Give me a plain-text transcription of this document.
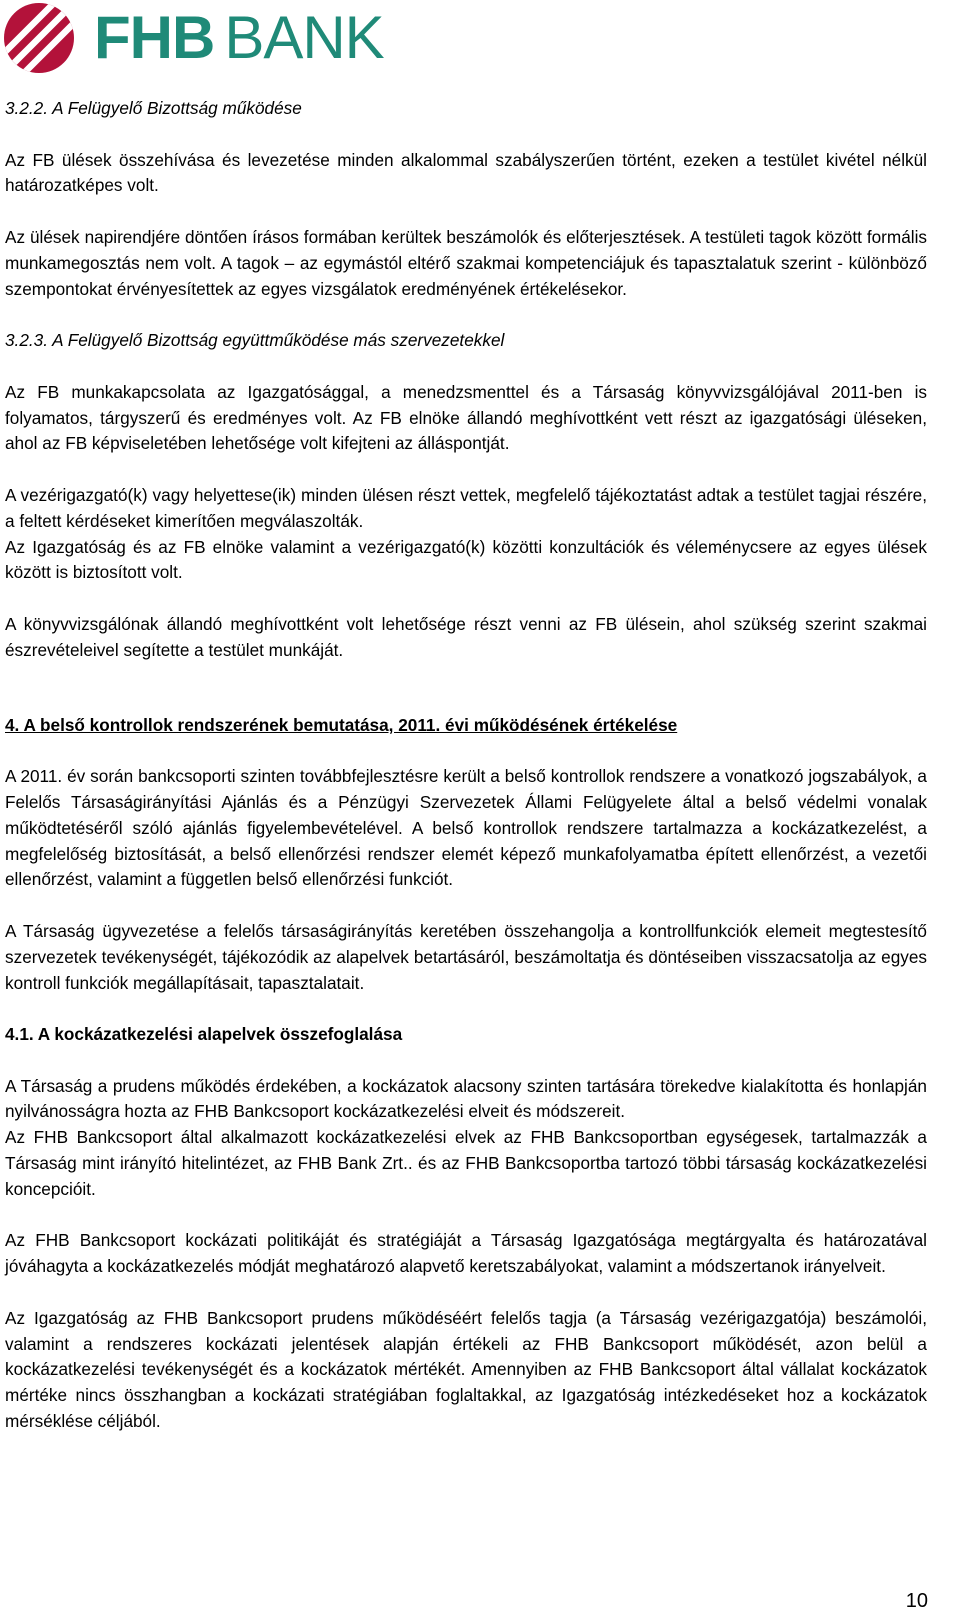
FHB BANK

3.2.2. A Felügyelő Bizottság működése

Az FB ülések összehívása és levezetése minden alkalommal szabályszerűen történt, ezeken a testület kivétel nélkül határozatképes volt.

Az ülések napirendjére döntően írásos formában kerültek beszámolók és előterjesztések. A testületi tagok között formális munkamegosztás nem volt. A tagok – az egymástól eltérő szakmai kompetenciájuk és tapasztalatuk szerint - különböző szempontokat érvényesítettek az egyes vizsgálatok eredményének értékelésekor.

3.2.3. A Felügyelő Bizottság együttműködése más szervezetekkel

Az FB munkakapcsolata az Igazgatósággal, a menedzsmenttel és a Társaság könyvvizsgálójával 2011-ben is folyamatos, tárgyszerű és eredményes volt. Az FB elnöke állandó meghívottként vett részt az igazgatósági üléseken, ahol az FB képviseletében lehetősége volt kifejteni az álláspontját.

A vezérigazgató(k) vagy helyettese(ik) minden ülésen részt vettek, megfelelő tájékoztatást adtak a testület tagjai részére, a feltett kérdéseket kimerítően megválaszolták.

Az Igazgatóság és az FB elnöke valamint a vezérigazgató(k) közötti konzultációk és véleménycsere az egyes ülések között is biztosított volt.

A könyvvizsgálónak állandó meghívottként volt lehetősége részt venni az FB ülésein, ahol szükség szerint szakmai észrevételeivel segítette a testület munkáját.

4. A belső kontrollok rendszerének bemutatása, 2011. évi működésének értékelése

A 2011. év során bankcsoporti szinten továbbfejlesztésre került a belső kontrollok rendszere a vonatkozó jogszabályok, a Felelős Társaságirányítási Ajánlás és a Pénzügyi Szervezetek Állami Felügyelete által a belső védelmi vonalak működtetéséről szóló ajánlás figyelembevételével. A belső kontrollok rendszere tartalmazza a kockázatkezelést, a megfelelőség biztosítását, a belső ellenőrzési rendszer elemét képező munkafolyamatba épített ellenőrzést, a vezetői ellenőrzést, valamint a független belső ellenőrzési funkciót.

A Társaság ügyvezetése a felelős társaságirányítás keretében összehangolja a kontrollfunkciók elemeit megtestesítő szervezetek tevékenységét, tájékozódik az alapelvek betartásáról, beszámoltatja és döntéseiben visszacsatolja az egyes kontroll funkciók megállapításait, tapasztalatait.

4.1. A kockázatkezelési alapelvek összefoglalása

A Társaság a prudens működés érdekében, a kockázatok alacsony szinten tartására törekedve kialakította és honlapján nyilvánosságra hozta az FHB Bankcsoport kockázatkezelési elveit és módszereit.

Az FHB Bankcsoport által alkalmazott kockázatkezelési elvek az FHB Bankcsoportban egységesek, tartalmazzák a Társaság mint irányító hitelintézet, az FHB Bank Zrt.. és az FHB Bankcsoportba tartozó többi társaság kockázatkezelési koncepcióit.

Az FHB Bankcsoport kockázati politikáját és stratégiáját a Társaság Igazgatósága megtárgyalta és határozatával jóváhagyta a kockázatkezelés módját meghatározó alapvető keretszabályokat, valamint a módszertanok irányelveit.

Az Igazgatóság az FHB Bankcsoport prudens működéséért felelős tagja (a Társaság vezérigazgatója) beszámolói, valamint a rendszeres kockázati jelentések alapján értékeli az FHB Bankcsoport működését, azon belül a kockázatkezelési tevékenységét és a kockázatok mértékét. Amennyiben az FHB Bankcsoport által vállalat kockázatok mértéke nincs összhangban a kockázati stratégiában foglaltakkal, az Igazgatóság intézkedéseket hoz a kockázatok mérséklése céljából.

10
